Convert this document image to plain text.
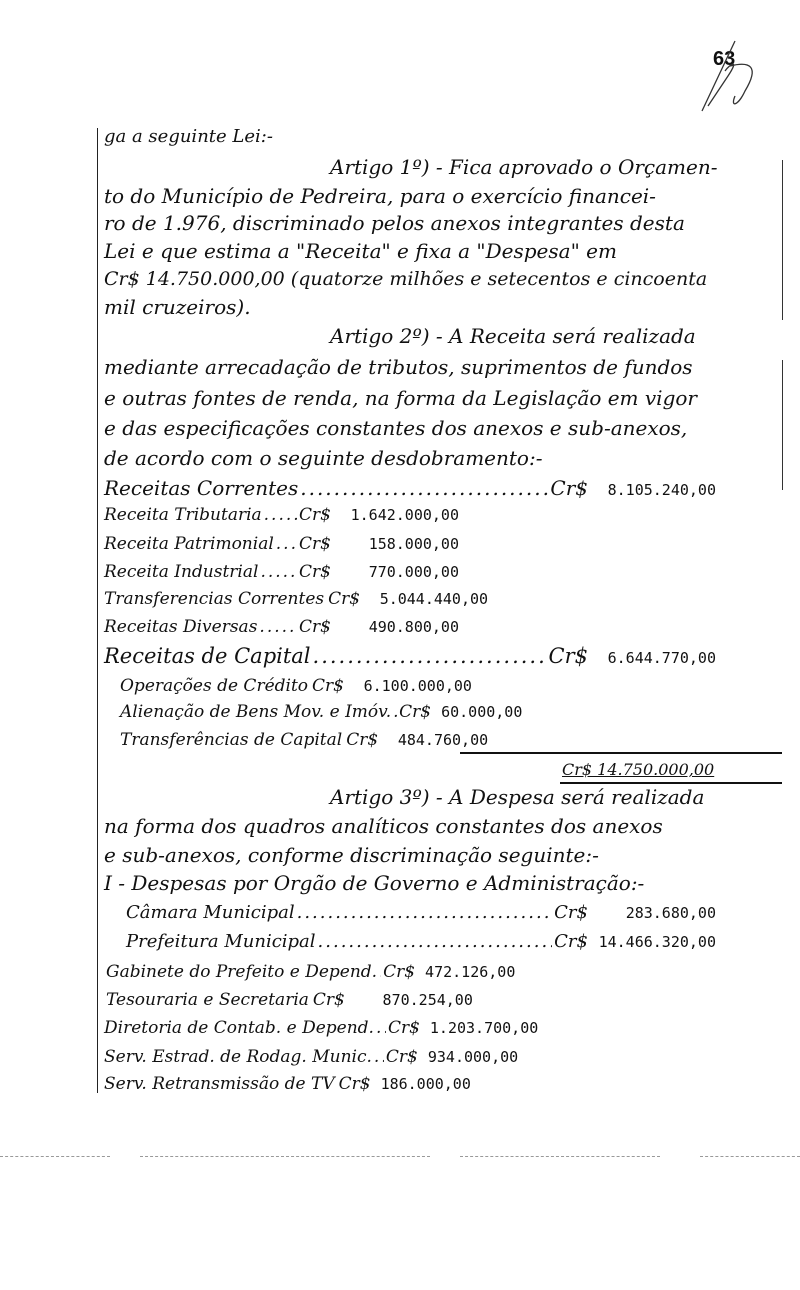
63
ga a seguinte Lei:-
Artigo 1º) - Fica aprovado o Orçamen-
to do Município de Pedreira, para o exercício financei-
ro de 1.976, discriminado pelos anexos integrantes desta
Lei e que estima a "Receita" e fixa a "Despesa" em
Cr$ 14.750.000,00 (quatorze milhões e setecentos e cincoenta
mil cruzeiros).
Artigo 2º) - A Receita será realizada
mediante arrecadação de tributos, suprimentos de fundos
e outras fontes de renda, na forma da Legislação em vigor
e das especificações constantes dos anexos e sub-anexos,
de acordo com o seguinte desdobramento:-
Receitas Correntes .....	Cr$	8.105.240,00
Receita Tributaria ..... Cr$	1.642.000,00
Receita Patrimonial ..... Cr$	158.000,00
Receita Industrial ..... Cr$	770.000,00
Transferencias Correntes Cr$	5.044.440,00
Receitas Diversas ..... Cr$	490.800,00
Receitas de Capital .....	Cr$	6.644.770,00
Operações de Crédito Cr$	6.100.000,00
Alienação de Bens Mov. e Imóv. ..... Cr$ 60.000,00
Transferências de Capital Cr$	484.760,00
Cr$ 14.750.000,00
Artigo 3º) - A Despesa será realizada
na forma dos quadros analíticos constantes dos anexos
e sub-anexos, conforme discriminação seguinte:-
I - Despesas por Orgão de Governo e Administração:-
Câmara Municipal .....	Cr$	283.680,00
Prefeitura Municipal .....	Cr$ 14.466.320,00
Gabinete do Prefeito e Depend. ..... Cr$ 472.126,00
Tesouraria e Secretaria Cr$	870.254,00
Diretoria de Contab. e Depend. ..... Cr$ 1.203.700,00
Serv. Estrad. de Rodag. Munic. ..... Cr$ 934.000,00
Serv. Retransmissão de TV Cr$ 186.000,00
